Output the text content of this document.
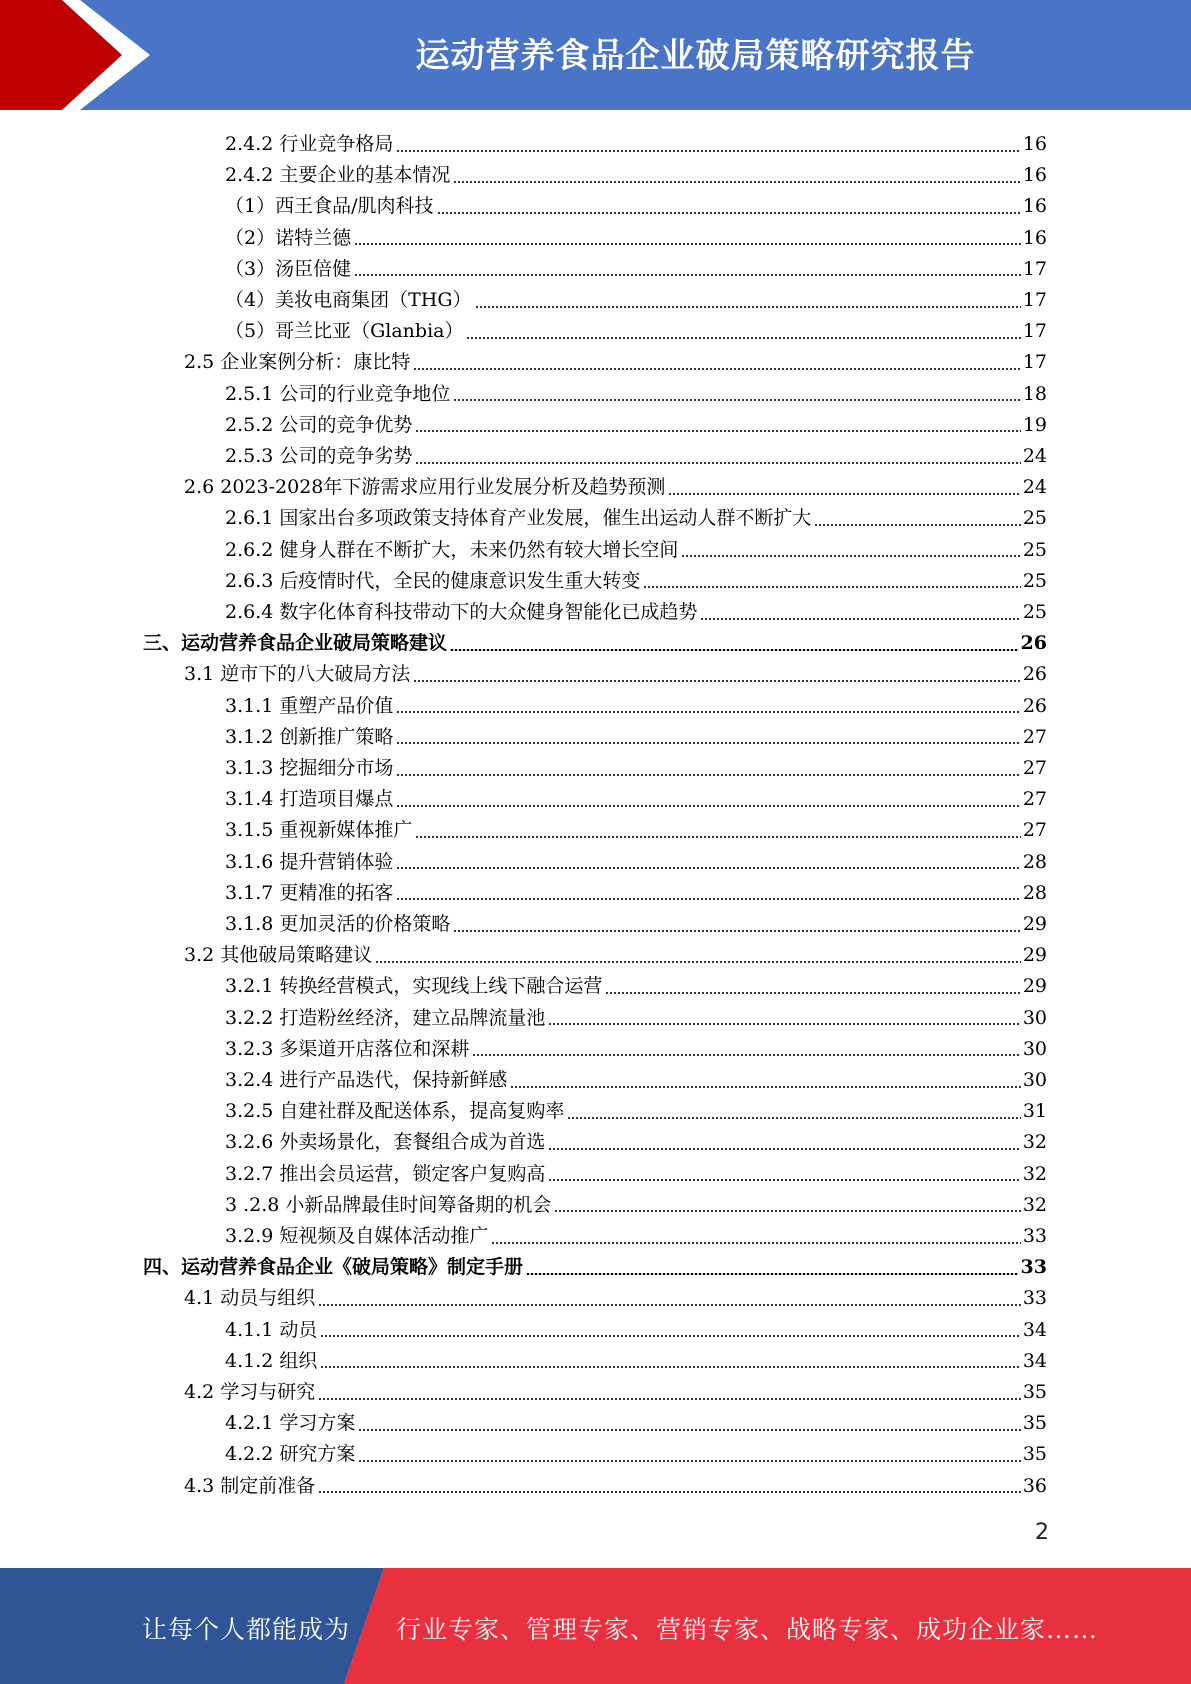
运动营养食品企业破局策略研究报告
2.4.2 行业竞争格局	16
2.4.2 主要企业的基本情况	16
（1）西王食品/肌肉科技	16
（2）诺特兰德	16
（3）汤臣倍健	17
（4）美妆电商集团（THG）	17
（5）哥兰比亚（Glanbia）	17
2.5 企业案例分析：康比特	17
2.5.1 公司的行业竞争地位	18
2.5.2 公司的竞争优势	19
2.5.3 公司的竞争劣势	24
2.6 2023-2028年下游需求应用行业发展分析及趋势预测	24
2.6.1 国家出台多项政策支持体育产业发展，催生出运动人群不断扩大	25
2.6.2 健身人群在不断扩大，未来仍然有较大增长空间	25
2.6.3 后疫情时代，全民的健康意识发生重大转变	25
2.6.4 数字化体育科技带动下的大众健身智能化已成趋势	25
三、运动营养食品企业破局策略建议	26
3.1 逆市下的八大破局方法	26
3.1.1 重塑产品价值	26
3.1.2 创新推广策略	27
3.1.3 挖掘细分市场	27
3.1.4 打造项目爆点	27
3.1.5 重视新媒体推广	27
3.1.6 提升营销体验	28
3.1.7 更精准的拓客	28
3.1.8 更加灵活的价格策略	29
3.2 其他破局策略建议	29
3.2.1 转换经营模式，实现线上线下融合运营	29
3.2.2 打造粉丝经济，建立品牌流量池	30
3.2.3 多渠道开店落位和深耕	30
3.2.4 进行产品迭代，保持新鲜感	30
3.2.5 自建社群及配送体系，提高复购率	31
3.2.6 外卖场景化，套餐组合成为首选	32
3.2.7 推出会员运营，锁定客户复购高	32
3 .2.8 小新品牌最佳时间筹备期的机会	32
3.2.9 短视频及自媒体活动推广	33
四、运动营养食品企业《破局策略》制定手册	33
4.1 动员与组织	33
4.1.1 动员	34
4.1.2 组织	34
4.2 学习与研究	35
4.2.1 学习方案	35
4.2.2 研究方案	35
4.3 制定前准备	36
2
让每个人都能成为 行业专家、管理专家、营销专家、战略专家、成功企业家……
